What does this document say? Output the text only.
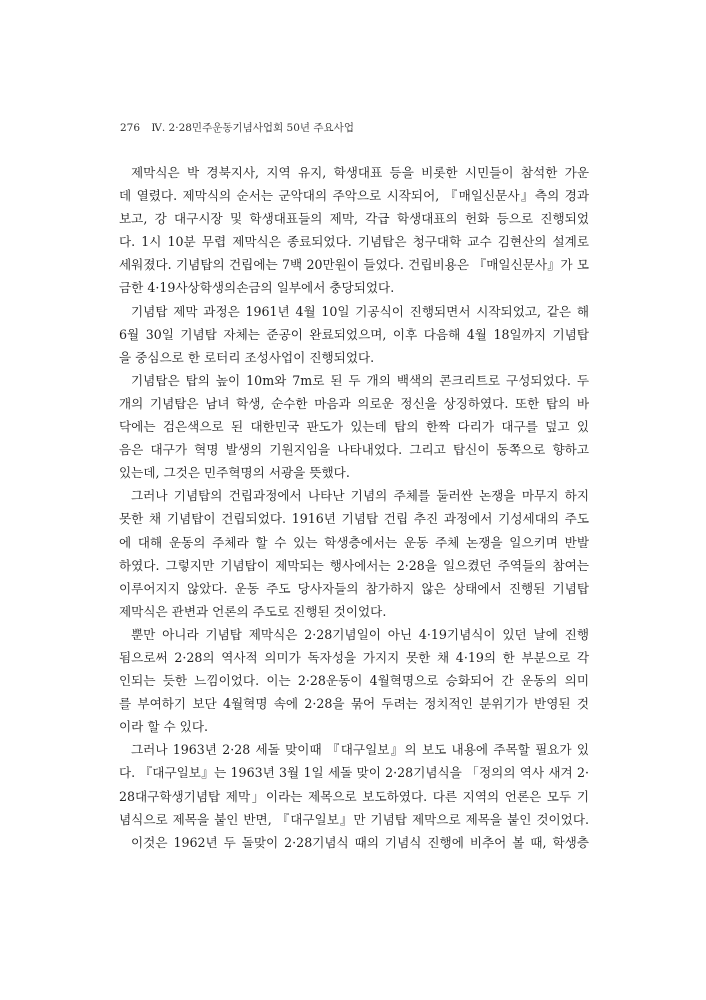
276 Ⅳ. 2·28민주운동기념사업회 50년 주요사업
제막식은 박 경북지사, 지역 유지, 학생대표 등을 비롯한 시민들이 참석한 가운
데 열렸다. 제막식의 순서는 군악대의 주악으로 시작되어, 『매일신문사』측의 경과
보고, 강 대구시장 및 학생대표들의 제막, 각급 학생대표의 헌화 등으로 진행되었
다. 1시 10분 무렵 제막식은 종료되었다. 기념탑은 청구대학 교수 김현산의 설계로
세워졌다. 기념탑의 건립에는 7백 20만원이 들었다. 건립비용은 『매일신문사』가 모
금한 4·19사상학생의손금의 일부에서 충당되었다.
기념탑 제막 과정은 1961년 4월 10일 기공식이 진행되면서 시작되었고, 같은 해
6월 30일 기념탑 자체는 준공이 완료되었으며, 이후 다음해 4월 18일까지 기념탑
을 중심으로 한 로터리 조성사업이 진행되었다.
기념탑은 탑의 높이 10m와 7m로 된 두 개의 백색의 콘크리트로 구성되었다. 두
개의 기념탑은 남녀 학생, 순수한 마음과 의로운 정신을 상징하였다. 또한 탑의 바
닥에는 검은색으로 된 대한민국 판도가 있는데 탑의 한짝 다리가 대구를 덮고 있
음은 대구가 혁명 발생의 기원지임을 나타내었다. 그리고 탑신이 동쪽으로 향하고
있는데, 그것은 민주혁명의 서광을 뜻했다.
그러나 기념탑의 건립과정에서 나타난 기념의 주체를 둘러싼 논쟁을 마무지 하지
못한 채 기념탑이 건립되었다. 1916년 기념탑 건립 추진 과정에서 기성세대의 주도
에 대해 운동의 주체라 할 수 있는 학생층에서는 운동 주체 논쟁을 일으키며 반발
하였다. 그렇지만 기념탑이 제막되는 행사에서는 2·28을 일으켰던 주역들의 참여는
이루어지지 않았다. 운동 주도 당사자들의 참가하지 않은 상태에서 진행된 기념탑
제막식은 관변과 언론의 주도로 진행된 것이었다.
뿐만 아니라 기념탑 제막식은 2·28기념일이 아닌 4·19기념식이 있던 날에 진행
됨으로써 2·28의 역사적 의미가 독자성을 가지지 못한 채 4·19의 한 부분으로 각
인되는 듯한 느낌이었다. 이는 2·28운동이 4월혁명으로 승화되어 간 운동의 의미
를 부여하기 보단 4월혁명 속에 2·28을 묶어 두려는 정치적인 분위기가 반영된 것
이라 할 수 있다.
그러나 1963년 2·28 세돌 맞이때 『대구일보』의 보도 내용에 주목할 필요가 있
다. 『대구일보』는 1963년 3월 1일 세돌 맞이 2·28기념식을 「정의의 역사 새겨 2·
28대구학생기념탑 제막」이라는 제목으로 보도하였다. 다른 지역의 언론은 모두 기
념식으로 제목을 붙인 반면, 『대구일보』만 기념탑 제막으로 제목을 붙인 것이었다.
이것은 1962년 두 돌맞이 2·28기념식 때의 기념식 진행에 비추어 볼 때, 학생층
